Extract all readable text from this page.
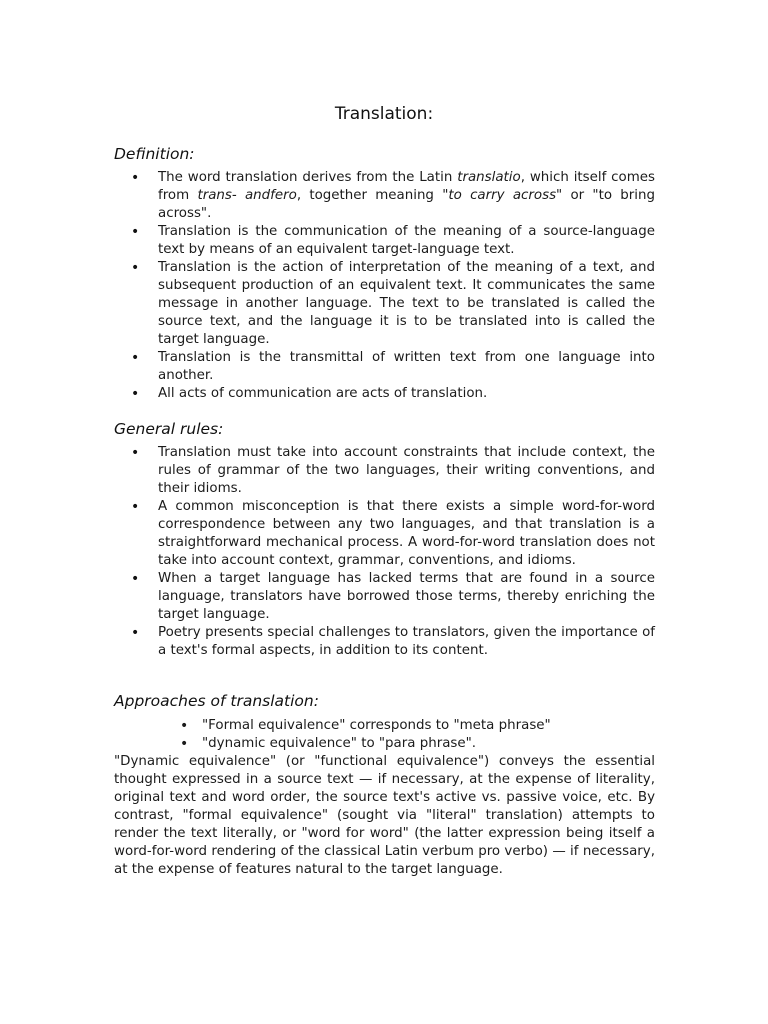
Translation:
Definition:
• The word translation derives from the Latin translatio, which itself comes from trans- andfero, together meaning "to carry across" or "to bring across".
• Translation is the communication of the meaning of a source-language text by means of an equivalent target-language text.
• Translation is the action of interpretation of the meaning of a text, and subsequent production of an equivalent text. It communicates the same message in another language. The text to be translated is called the source text, and the language it is to be translated into is called the target language.
• Translation is the transmittal of written text from one language into another.
• All acts of communication are acts of translation.
General rules:
• Translation must take into account constraints that include context, the rules of grammar of the two languages, their writing conventions, and their idioms.
• A common misconception is that there exists a simple word-for-word correspondence between any two languages, and that translation is a straightforward mechanical process. A word-for-word translation does not take into account context, grammar, conventions, and idioms.
• When a target language has lacked terms that are found in a source language, translators have borrowed those terms, thereby enriching the target language.
• Poetry presents special challenges to translators, given the importance of a text's formal aspects, in addition to its content.
Approaches of translation:
• "Formal equivalence" corresponds to "meta phrase"
• "dynamic equivalence" to "para phrase".

"Dynamic equivalence" (or "functional equivalence") conveys the essential thought expressed in a source text — if necessary, at the expense of literality, original text and word order, the source text's active vs. passive voice, etc. By contrast, "formal equivalence" (sought via "literal" translation) attempts to render the text literally, or "word for word" (the latter expression being itself a word-for-word rendering of the classical Latin verbum pro verbo) — if necessary, at the expense of features natural to the target language.
